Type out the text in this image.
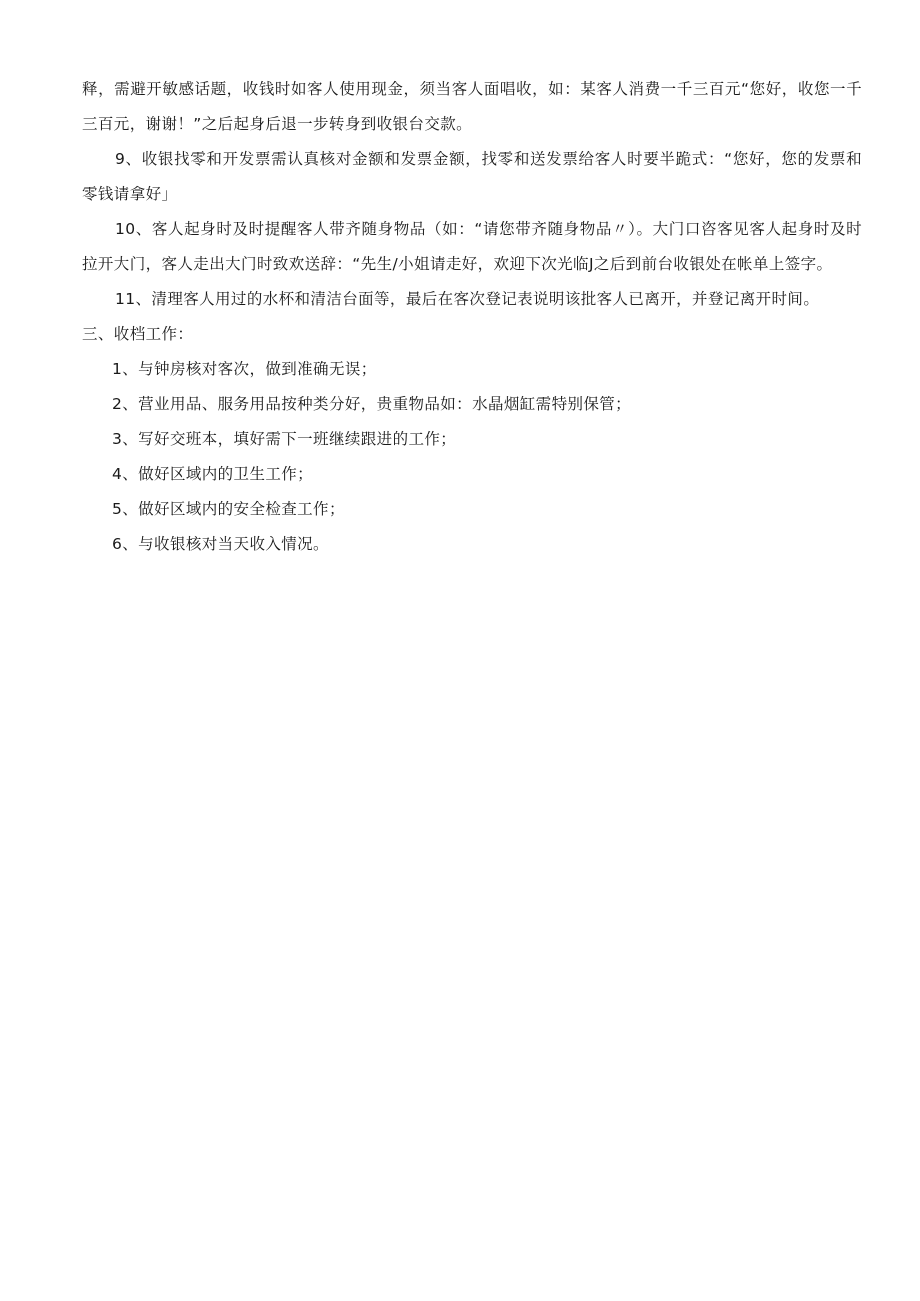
释，需避开敏感话题，收钱时如客人使用现金，须当客人面唱收，如：某客人消费一千三百元“您好，收您一千三百元，谢谢！”之后起身后退一步转身到收银台交款。

9、收银找零和开发票需认真核对金额和发票金额，找零和送发票给客人时要半跪式：“您好，您的发票和零钱请拿好」

10、客人起身时及时提醒客人带齐随身物品（如：“请您带齐随身物品〃）。大门口咨客见客人起身时及时拉开大门，客人走出大门时致欢送辞：“先生/小姐请走好，欢迎下次光临J之后到前台收银处在帐单上签字。

11、清理客人用过的水杯和清洁台面等，最后在客次登记表说明该批客人已离开，并登记离开时间。

三、收档工作：

1、与钟房核对客次，做到准确无误；

2、营业用品、服务用品按种类分好，贵重物品如：水晶烟缸需特别保管；

3、写好交班本，填好需下一班继续跟进的工作；

4、做好区域内的卫生工作；

5、做好区域内的安全检查工作；

6、与收银核对当天收入情况。
